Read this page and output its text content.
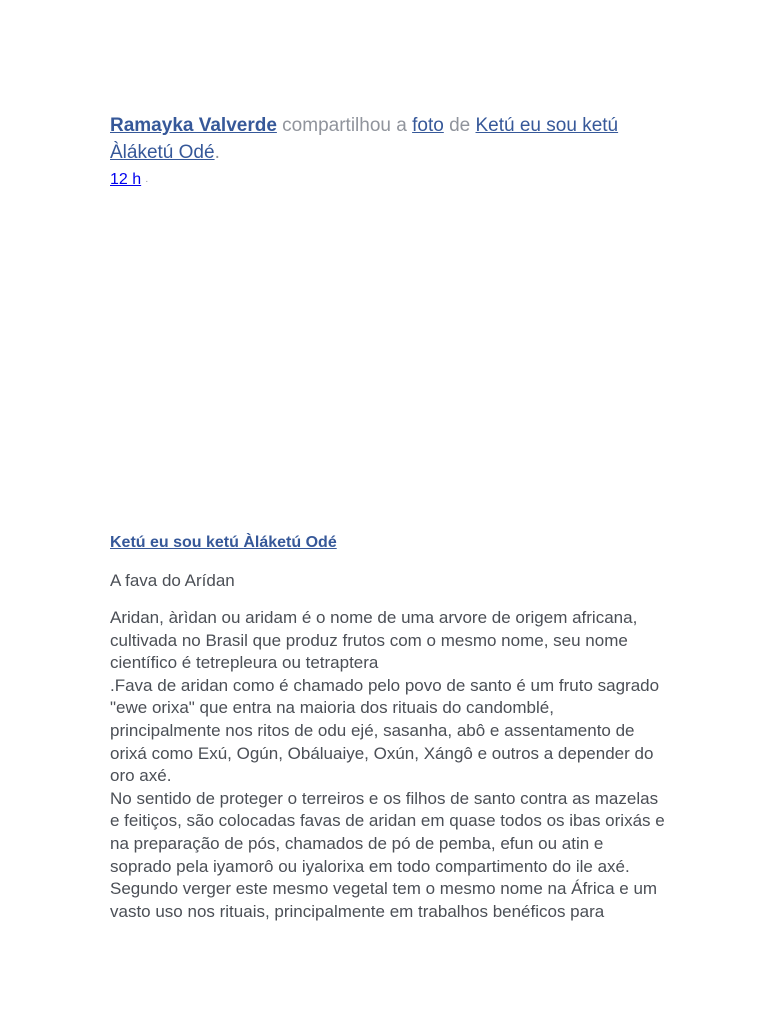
Ramayka Valverde compartilhou a foto de Ketú eu sou ketú
Àláketú Odé.
12 h ·
Ketú eu sou ketú Àláketú Odé
A fava do Arídan
Aridan, àrìdan ou aridam é o nome de uma arvore de origem africana,
cultivada no Brasil que produz frutos com o mesmo nome, seu nome
científico é tetrepleura ou tetraptera
.Fava de aridan como é chamado pelo povo de santo é um fruto sagrado
"ewe orixa" que entra na maioria dos rituais do candomblé,
principalmente nos ritos de odu ejé, sasanha, abô e assentamento de
orixá como Exú, Ogún, Obáluaiye, Oxún, Xángô e outros a depender do
oro axé.
No sentido de proteger o terreiros e os filhos de santo contra as mazelas
e feitiços, são colocadas favas de aridan em quase todos os ibas orixás e
na preparação de pós, chamados de pó de pemba, efun ou atin e
soprado pela iyamorô ou iyalorixa em todo compartimento do ile axé.
Segundo verger este mesmo vegetal tem o mesmo nome na África e um
vasto uso nos rituais, principalmente em trabalhos benéficos para
